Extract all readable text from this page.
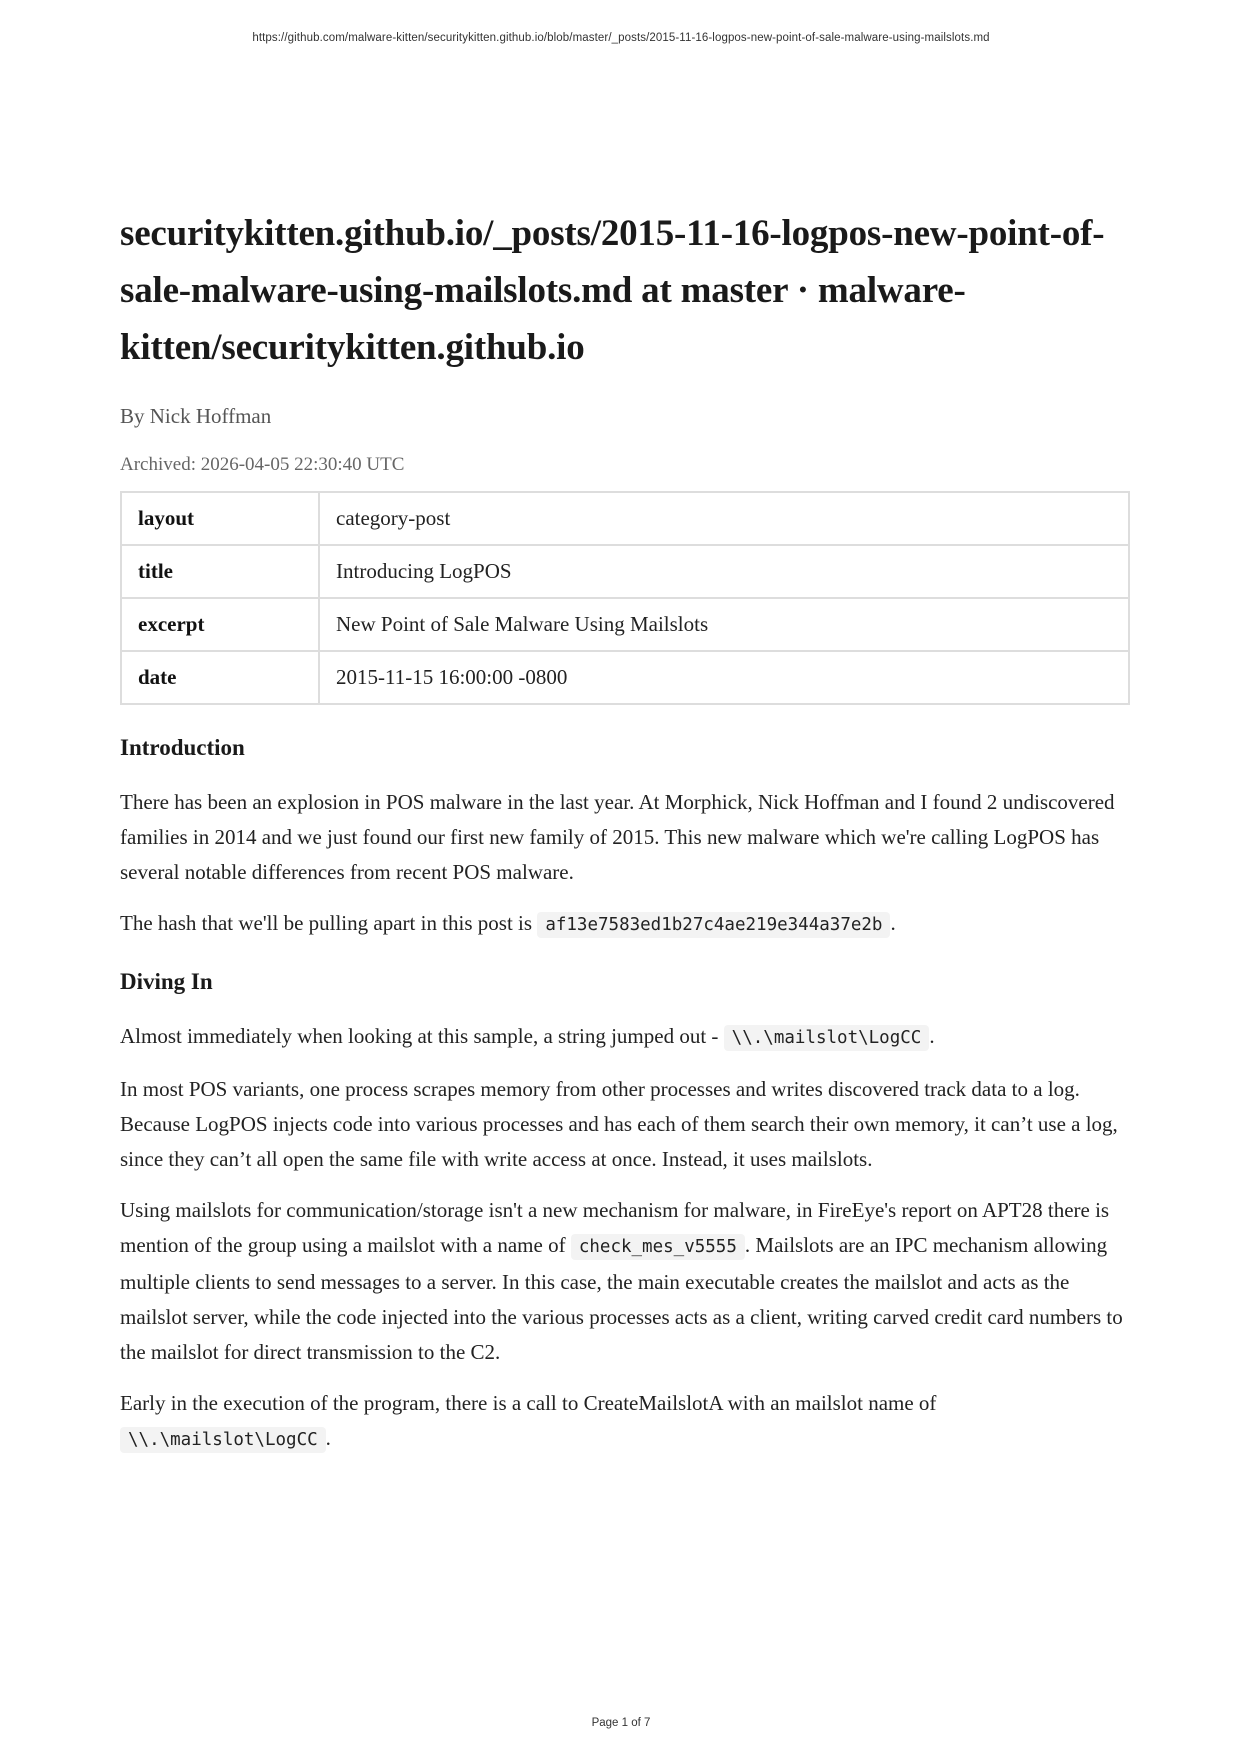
https://github.com/malware-kitten/securitykitten.github.io/blob/master/_posts/2015-11-16-logpos-new-point-of-sale-malware-using-mailslots.md
securitykitten.github.io/_posts/2015-11-16-logpos-new-point-of-sale-malware-using-mailslots.md at master · malware-kitten/securitykitten.github.io
By Nick Hoffman
Archived: 2026-04-05 22:30:40 UTC
layout	category-post
title	Introducing LogPOS
excerpt	New Point of Sale Malware Using Mailslots
date	2015-11-15 16:00:00 -0800
Introduction

There has been an explosion in POS malware in the last year. At Morphick, Nick Hoffman and I found 2 undiscovered families in 2014 and we just found our first new family of 2015. This new malware which we're calling LogPOS has several notable differences from recent POS malware.

The hash that we'll be pulling apart in this post is af13e7583ed1b27c4ae219e344a37e2b .

Diving In

Almost immediately when looking at this sample, a string jumped out - \\.\mailslot\LogCC .

In most POS variants, one process scrapes memory from other processes and writes discovered track data to a log. Because LogPOS injects code into various processes and has each of them search their own memory, it can’t use a log, since they can’t all open the same file with write access at once. Instead, it uses mailslots.

Using mailslots for communication/storage isn't a new mechanism for malware, in FireEye's report on APT28 there is mention of the group using a mailslot with a name of check_mes_v5555 . Mailslots are an IPC mechanism allowing multiple clients to send messages to a server. In this case, the main executable creates the mailslot and acts as the mailslot server, while the code injected into the various processes acts as a client, writing carved credit card numbers to the mailslot for direct transmission to the C2.

Early in the execution of the program, there is a call to CreateMailslotA with an mailslot name of \\.\mailslot\LogCC .

Page 1 of 7
